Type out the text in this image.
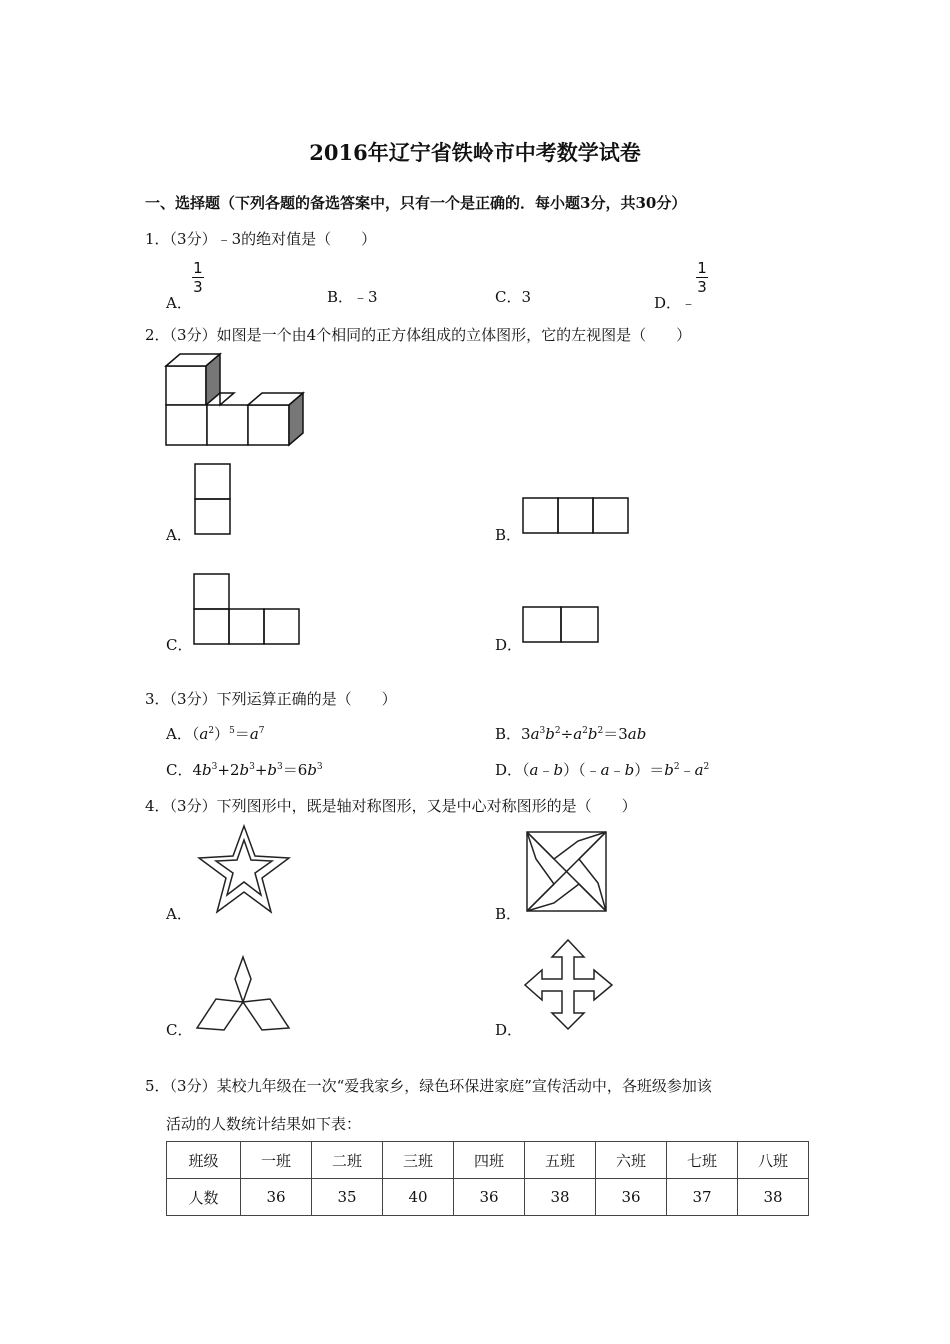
2016年辽宁省铁岭市中考数学试卷
一、选择题（下列各题的备选答案中，只有一个是正确的．每小题3分，共30分）
1．（3分）﹣3的绝对值是（　　）
A．
$\frac{1}{3}$
B．﹣3	C．3	D．﹣
$\frac{1}{3}$
2．（3分）如图是一个由4个相同的正方体组成的立体图形，它的左视图是（　　）
A．	B．
C．	D．
3．（3分）下列运算正确的是（　　）
A．$(a^2)^5=a^7$	B．$3a^3b^2\div a^2b^2=3ab$
C．$4b^3+2b^3+b^3=6b^3$	D．$(a﹣b)(﹣a﹣b)=b^2﹣a^2$
4．（3分）下列图形中，既是轴对称图形，又是中心对称图形的是（　　）
A．	B．
C．	D．
5．（3分）某校九年级在一次“爱我家乡，绿色环保进家庭”宣传活动中，各班级参加该
活动的人数统计结果如下表：
班级	一班	二班	三班	四班	五班	六班	七班	八班
人数	36	35	40	36	38	36	37	38
